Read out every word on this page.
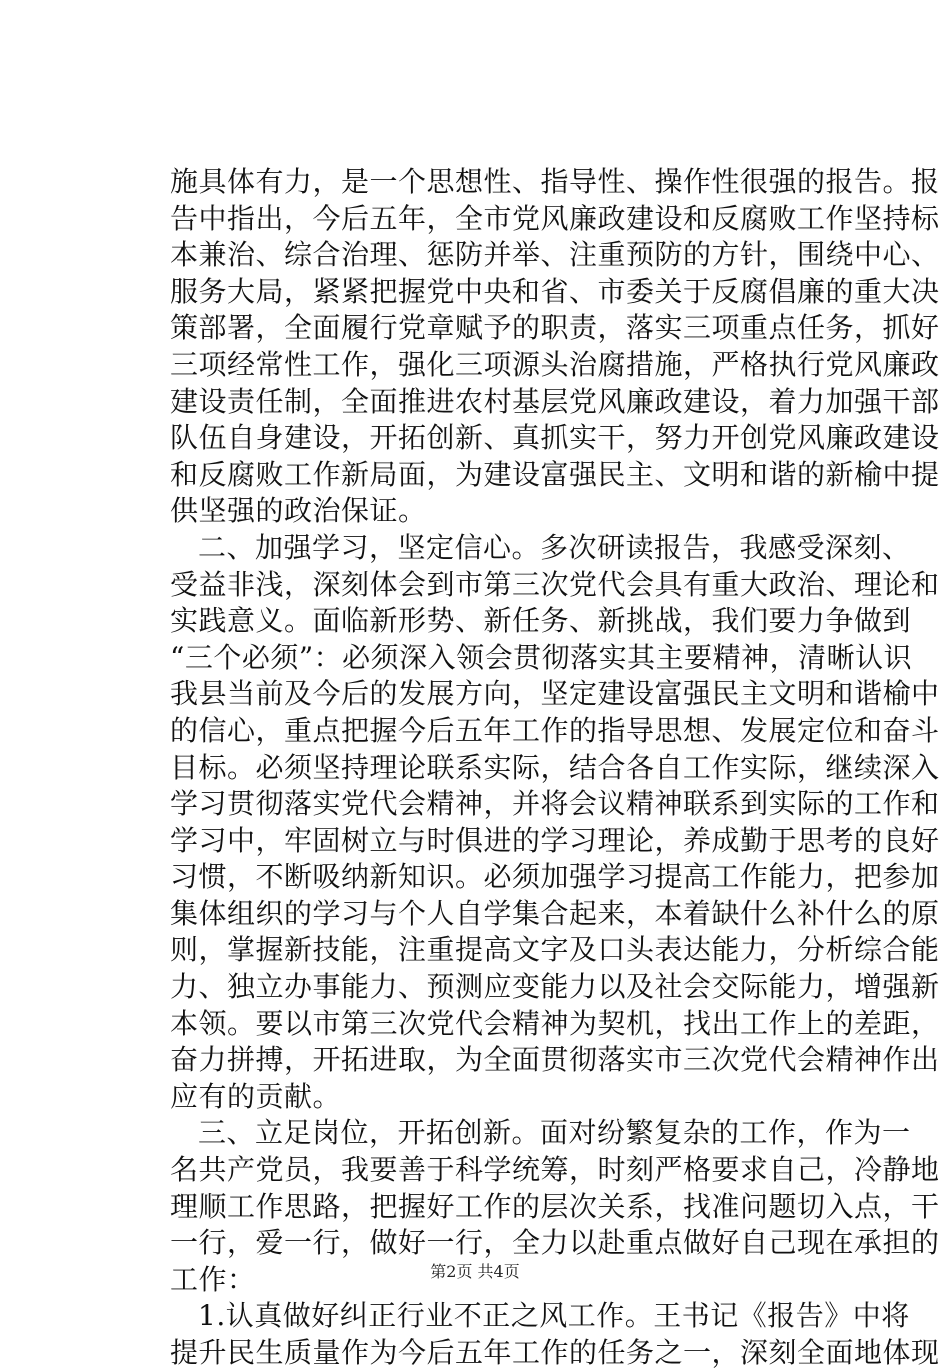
施具体有力，是一个思想性、指导性、操作性很强的报告。报
告中指出，今后五年，全市党风廉政建设和反腐败工作坚持标
本兼治、综合治理、惩防并举、注重预防的方针，围绕中心、
服务大局，紧紧把握党中央和省、市委关于反腐倡廉的重大决
策部署，全面履行党章赋予的职责，落实三项重点任务，抓好
三项经常性工作，强化三项源头治腐措施，严格执行党风廉政
建设责任制，全面推进农村基层党风廉政建设，着力加强干部
队伍自身建设，开拓创新、真抓实干，努力开创党风廉政建设
和反腐败工作新局面，为建设富强民主、文明和谐的新榆中提
供坚强的政治保证。
二、加强学习，坚定信心。多次研读报告，我感受深刻、
受益非浅，深刻体会到市第三次党代会具有重大政治、理论和
实践意义。面临新形势、新任务、新挑战，我们要力争做到
“三个必须”：必须深入领会贯彻落实其主要精神，清晰认识
我县当前及今后的发展方向，坚定建设富强民主文明和谐榆中
的信心，重点把握今后五年工作的指导思想、发展定位和奋斗
目标。必须坚持理论联系实际，结合各自工作实际，继续深入
学习贯彻落实党代会精神，并将会议精神联系到实际的工作和
学习中，牢固树立与时俱进的学习理论，养成勤于思考的良好
习惯，不断吸纳新知识。必须加强学习提高工作能力，把参加
集体组织的学习与个人自学集合起来，本着缺什么补什么的原
则，掌握新技能，注重提高文字及口头表达能力，分析综合能
力、独立办事能力、预测应变能力以及社会交际能力，增强新
本领。要以市第三次党代会精神为契机，找出工作上的差距，
奋力拼搏，开拓进取，为全面贯彻落实市三次党代会精神作出
应有的贡献。
三、立足岗位，开拓创新。面对纷繁复杂的工作，作为一
名共产党员，我要善于科学统筹，时刻严格要求自己，冷静地
理顺工作思路，把握好工作的层次关系，找准问题切入点，干
一行，爱一行，做好一行，全力以赴重点做好自己现在承担的
工作：
1.认真做好纠正行业不正之风工作。王书记《报告》中将
提升民生质量作为今后五年工作的任务之一，深刻全面地体现
第2页 共4页
